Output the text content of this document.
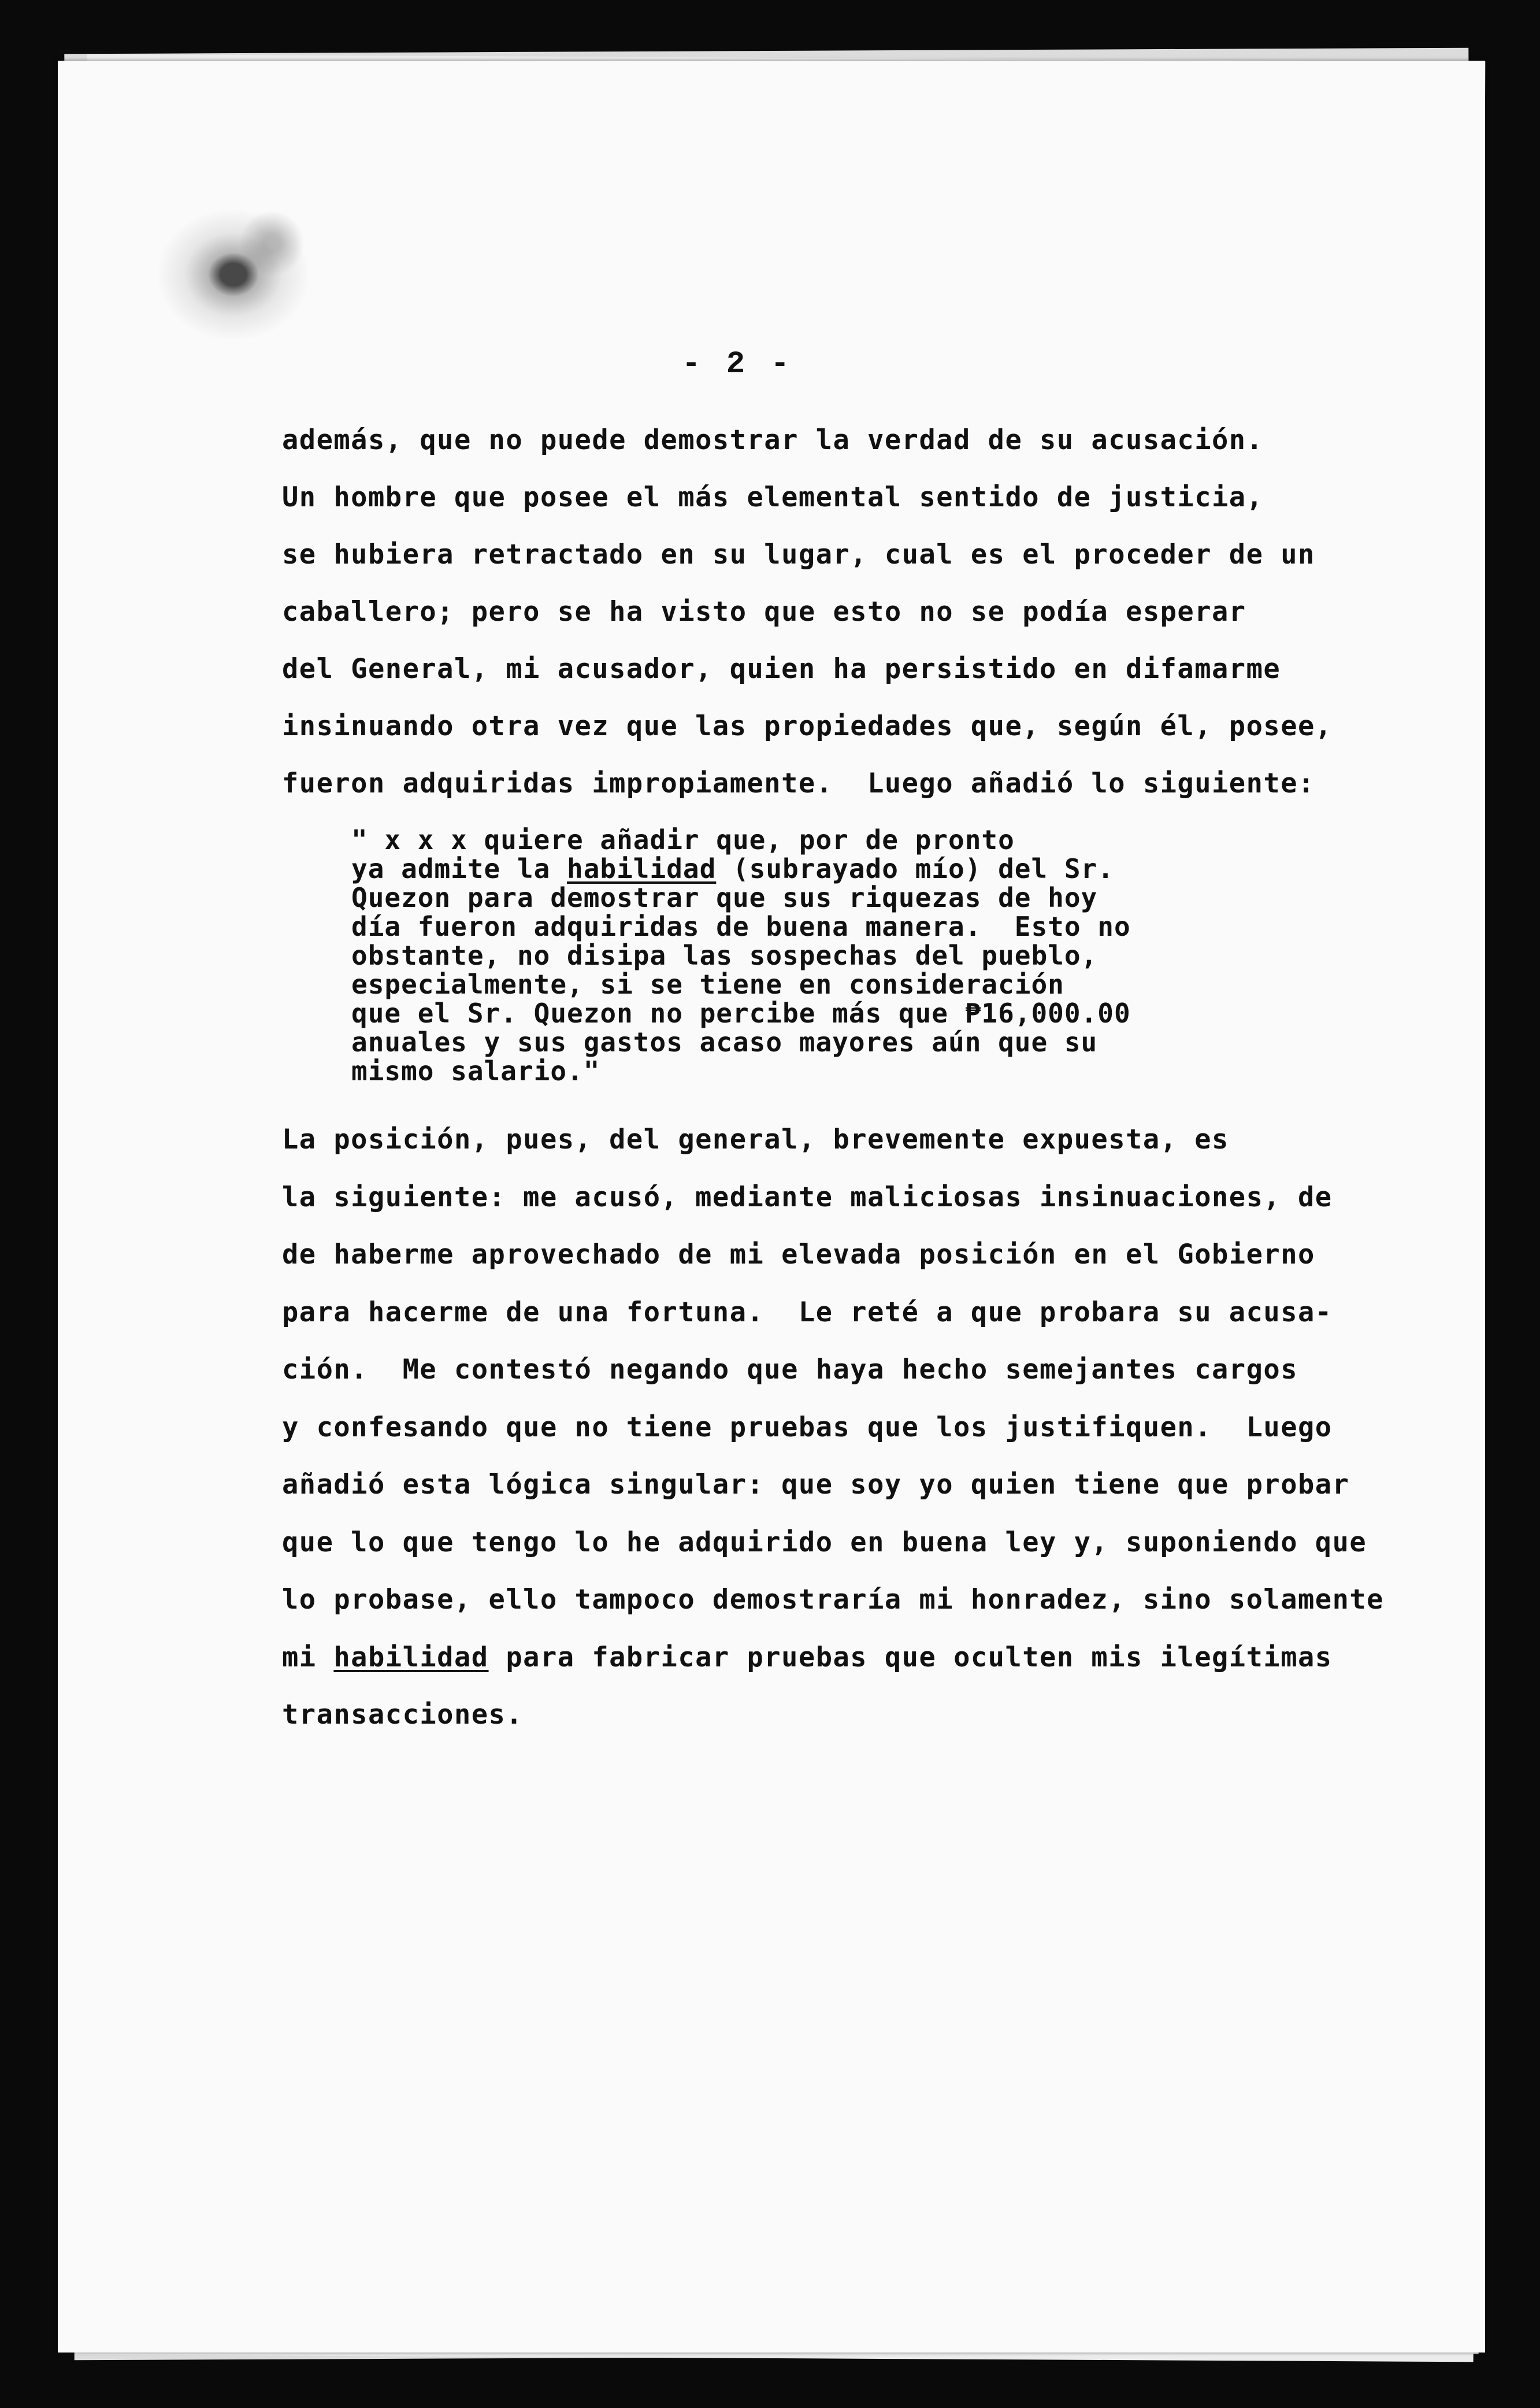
- 2 -
además, que no puede demostrar la verdad de su acusación.
Un hombre que posee el más elemental sentido de justicia,
se hubiera retractado en su lugar, cual es el proceder de un
caballero; pero se ha visto que esto no se podía esperar
del General, mi acusador, quien ha persistido en difamarme
insinuando otra vez que las propiedades que, según él, posee,
fueron adquiridas impropiamente.  Luego añadió lo siguiente:
" x x x quiere añadir que, por de pronto
ya admite la habilidad (subrayado mío) del Sr.
Quezon para demostrar que sus riquezas de hoy
día fueron adquiridas de buena manera.  Esto no
obstante, no disipa las sospechas del pueblo,
especialmente, si se tiene en consideración
que el Sr. Quezon no percibe más que ₱16,000.00
anuales y sus gastos acaso mayores aún que su
mismo salario."
La posición, pues, del general, brevemente expuesta, es
la siguiente: me acusó, mediante maliciosas insinuaciones, de
de haberme aprovechado de mi elevada posición en el Gobierno
para hacerme de una fortuna.  Le reté a que probara su acusa-
ción.  Me contestó negando que haya hecho semejantes cargos
y confesando que no tiene pruebas que los justifiquen.  Luego
añadió esta lógica singular: que soy yo quien tiene que probar
que lo que tengo lo he adquirido en buena ley y, suponiendo que
lo probase, ello tampoco demostraría mi honradez, sino solamente
mi habilidad para fabricar pruebas que oculten mis ilegítimas
transacciones.
